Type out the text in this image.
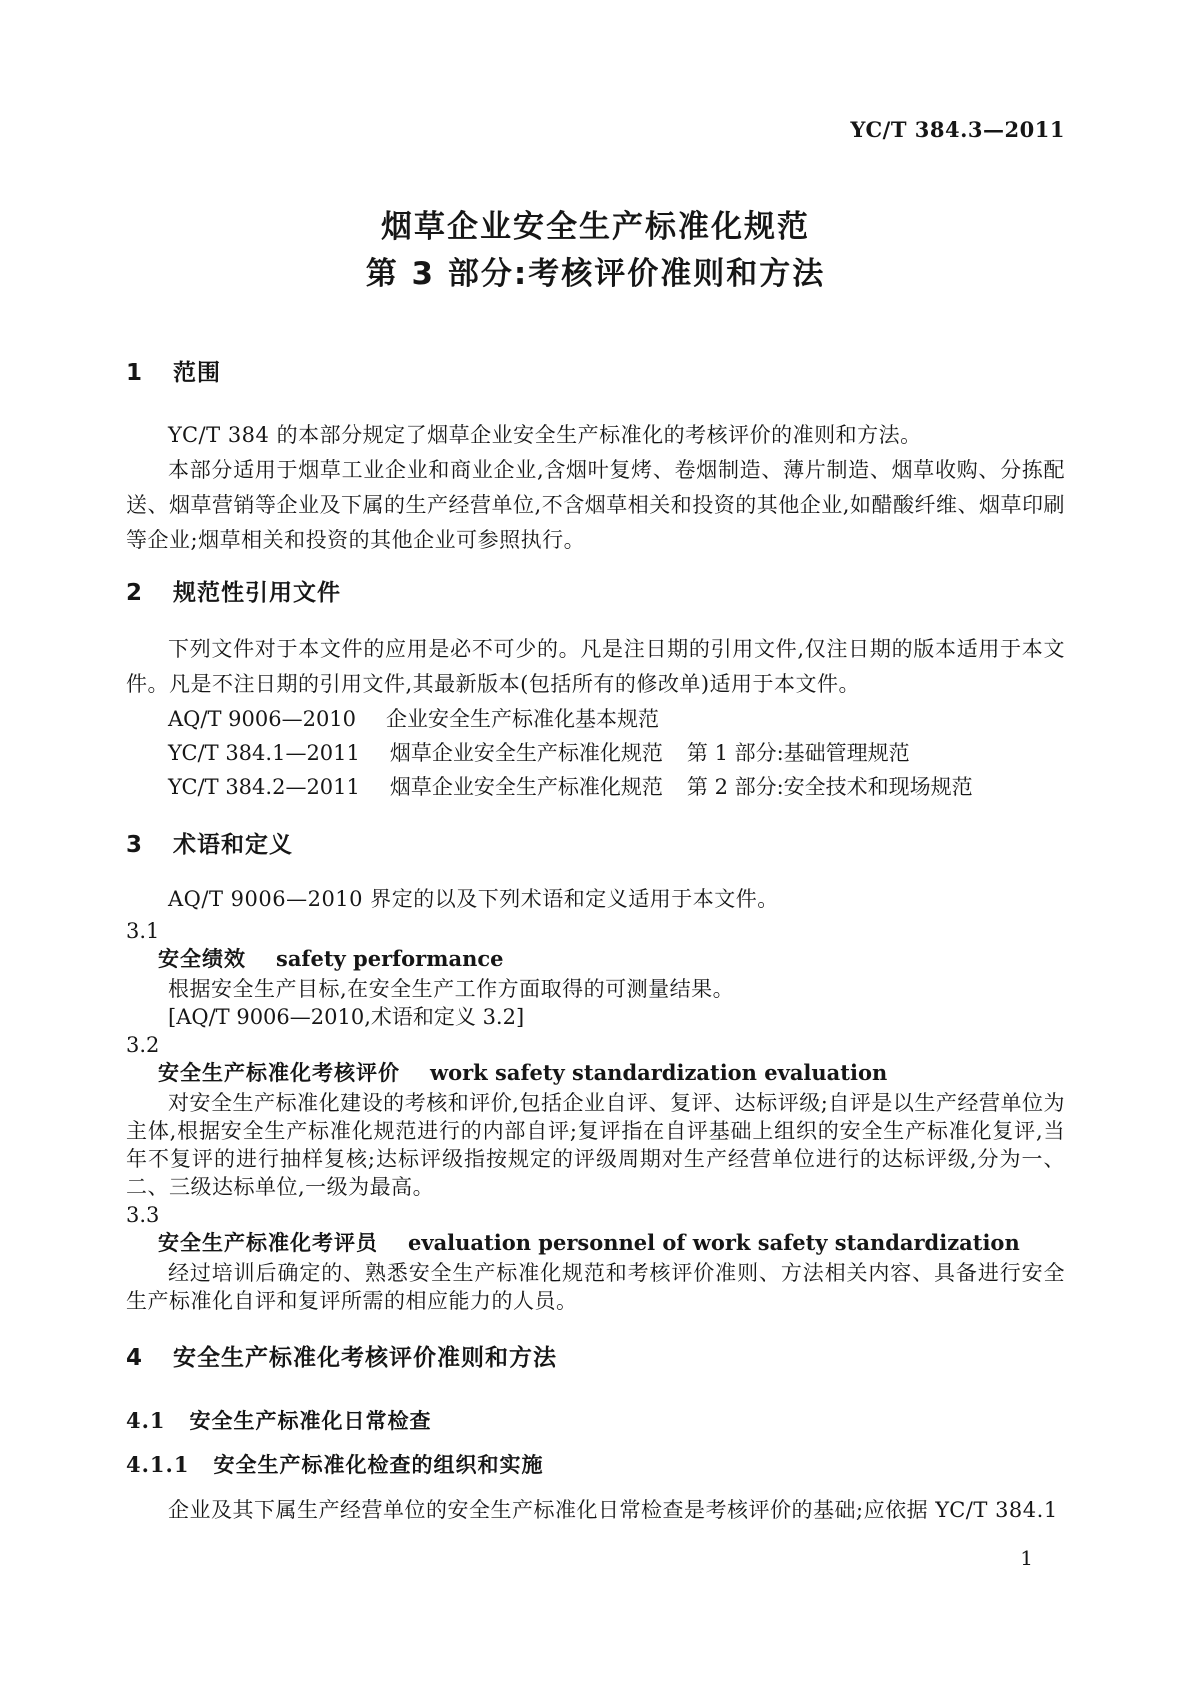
YC/T 384.3—2011
烟草企业安全生产标准化规范
第 3 部分:考核评价准则和方法
1 范围

YC/T 384 的本部分规定了烟草企业安全生产标准化的考核评价的准则和方法。

本部分适用于烟草工业企业和商业企业,含烟叶复烤、卷烟制造、薄片制造、烟草收购、分拣配送、烟草营销等企业及下属的生产经营单位,不含烟草相关和投资的其他企业,如醋酸纤维、烟草印刷等企业;烟草相关和投资的其他企业可参照执行。

2 规范性引用文件

下列文件对于本文件的应用是必不可少的。凡是注日期的引用文件,仅注日期的版本适用于本文件。凡是不注日期的引用文件,其最新版本(包括所有的修改单)适用于本文件。

AQ/T 9006—2010 企业安全生产标准化基本规范
YC/T 384.1—2011 烟草企业安全生产标准化规范 第 1 部分:基础管理规范
YC/T 384.2—2011 烟草企业安全生产标准化规范 第 2 部分:安全技术和现场规范
3 术语和定义

AQ/T 9006—2010 界定的以及下列术语和定义适用于本文件。

3.1
安全绩效 safety performance

根据安全生产目标,在安全生产工作方面取得的可测量结果。

[AQ/T 9006—2010,术语和定义 3.2]
3.2
安全生产标准化考核评价 work safety standardization evaluation

对安全生产标准化建设的考核和评价,包括企业自评、复评、达标评级;自评是以生产经营单位为主体,根据安全生产标准化规范进行的内部自评;复评指在自评基础上组织的安全生产标准化复评,当年不复评的进行抽样复核;达标评级指按规定的评级周期对生产经营单位进行的达标评级,分为一、二、三级达标单位,一级为最高。

3.3
安全生产标准化考评员 evaluation personnel of work safety standardization

经过培训后确定的、熟悉安全生产标准化规范和考核评价准则、方法相关内容、具备进行安全生产标准化自评和复评所需的相应能力的人员。

4 安全生产标准化考核评价准则和方法
4.1 安全生产标准化日常检查
4.1.1 安全生产标准化检查的组织和实施

企业及其下属生产经营单位的安全生产标准化日常检查是考核评价的基础;应依据 YC/T 384.1

1
